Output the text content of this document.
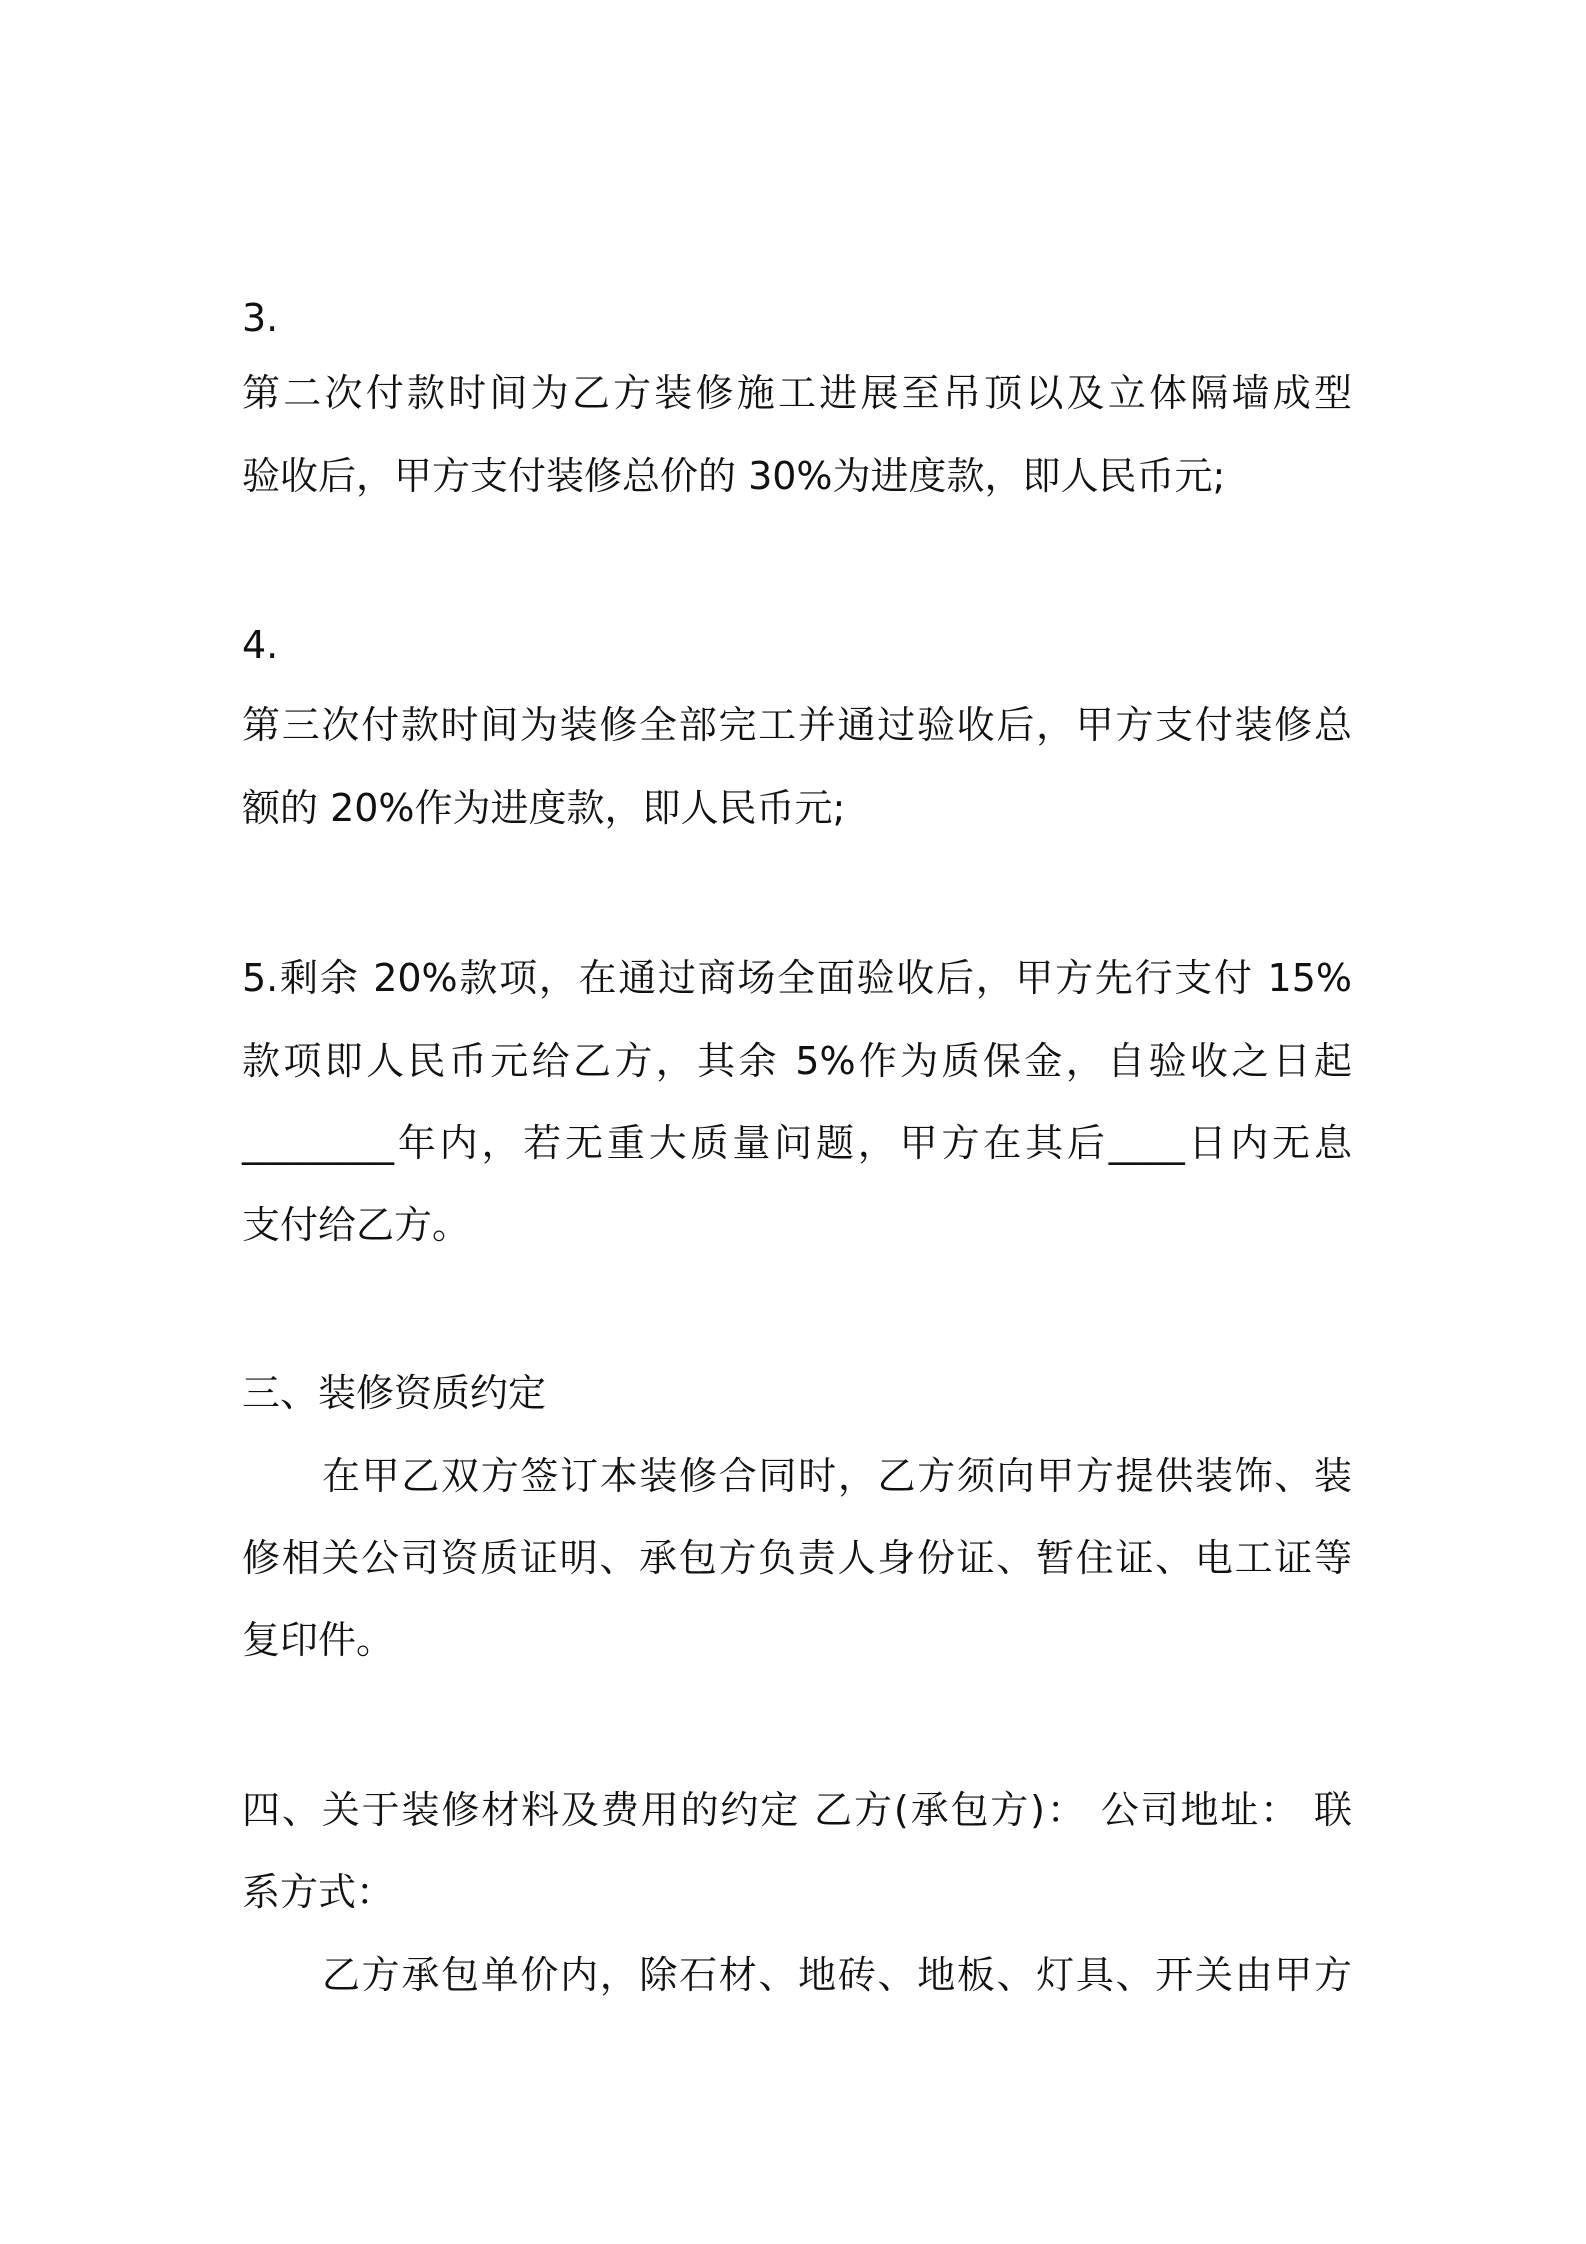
3.
第二次付款时间为乙方装修施工进展至吊顶以及立体隔墙成型
验收后，甲方支付装修总价的 30%为进度款，即人民币元;
4.
第三次付款时间为装修全部完工并通过验收后，甲方支付装修总
额的 20%作为进度款，即人民币元;
5.剩余 20%款项，在通过商场全面验收后，甲方先行支付 15%
款项即人民币元给乙方，其余 5%作为质保金，自验收之日起
________年内，若无重大质量问题，甲方在其后____日内无息
支付给乙方。
三、装修资质约定
在甲乙双方签订本装修合同时，乙方须向甲方提供装饰、装
修相关公司资质证明、承包方负责人身份证、暂住证、电工证等
复印件。
四、关于装修材料及费用的约定 乙方(承包方)： 公司地址： 联
系方式：
乙方承包单价内，除石材、地砖、地板、灯具、开关由甲方
